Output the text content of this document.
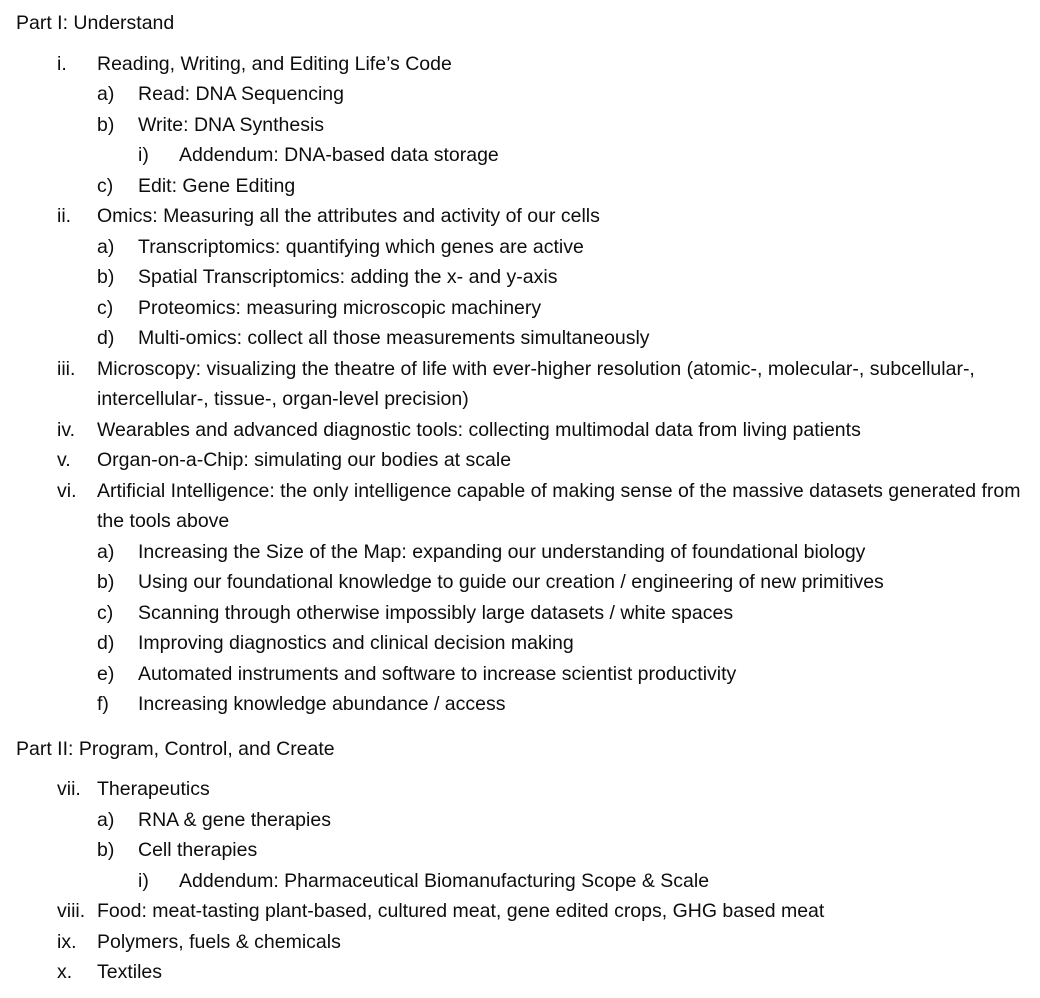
Part I: Understand
i.	Reading, Writing, and Editing Life’s Code
a)	Read: DNA Sequencing
b)	Write: DNA Synthesis
i)	Addendum: DNA-based data storage
c)	Edit: Gene Editing
ii.	Omics: Measuring all the attributes and activity of our cells
a)	Transcriptomics: quantifying which genes are active
b)	Spatial Transcriptomics: adding the x- and y-axis
c)	Proteomics: measuring microscopic machinery
d)	Multi-omics: collect all those measurements simultaneously
iii.	Microscopy: visualizing the theatre of life with ever-higher resolution (atomic-, molecular-, subcellular-, intercellular-, tissue-, organ-level precision)
iv.	Wearables and advanced diagnostic tools: collecting multimodal data from living patients
v.	Organ-on-a-Chip: simulating our bodies at scale
vi.	Artificial Intelligence: the only intelligence capable of making sense of the massive datasets generated from the tools above
a)	Increasing the Size of the Map: expanding our understanding of foundational biology
b)	Using our foundational knowledge to guide our creation / engineering of new primitives
c)	Scanning through otherwise impossibly large datasets / white spaces
d)	Improving diagnostics and clinical decision making
e)	Automated instruments and software to increase scientist productivity
f)	Increasing knowledge abundance / access
Part II: Program, Control, and Create
vii. Therapeutics
a)	RNA & gene therapies
b)	Cell therapies
i)	Addendum: Pharmaceutical Biomanufacturing Scope & Scale
viii. Food: meat-tasting plant-based, cultured meat, gene edited crops, GHG based meat
ix.	Polymers, fuels & chemicals
x.	Textiles
